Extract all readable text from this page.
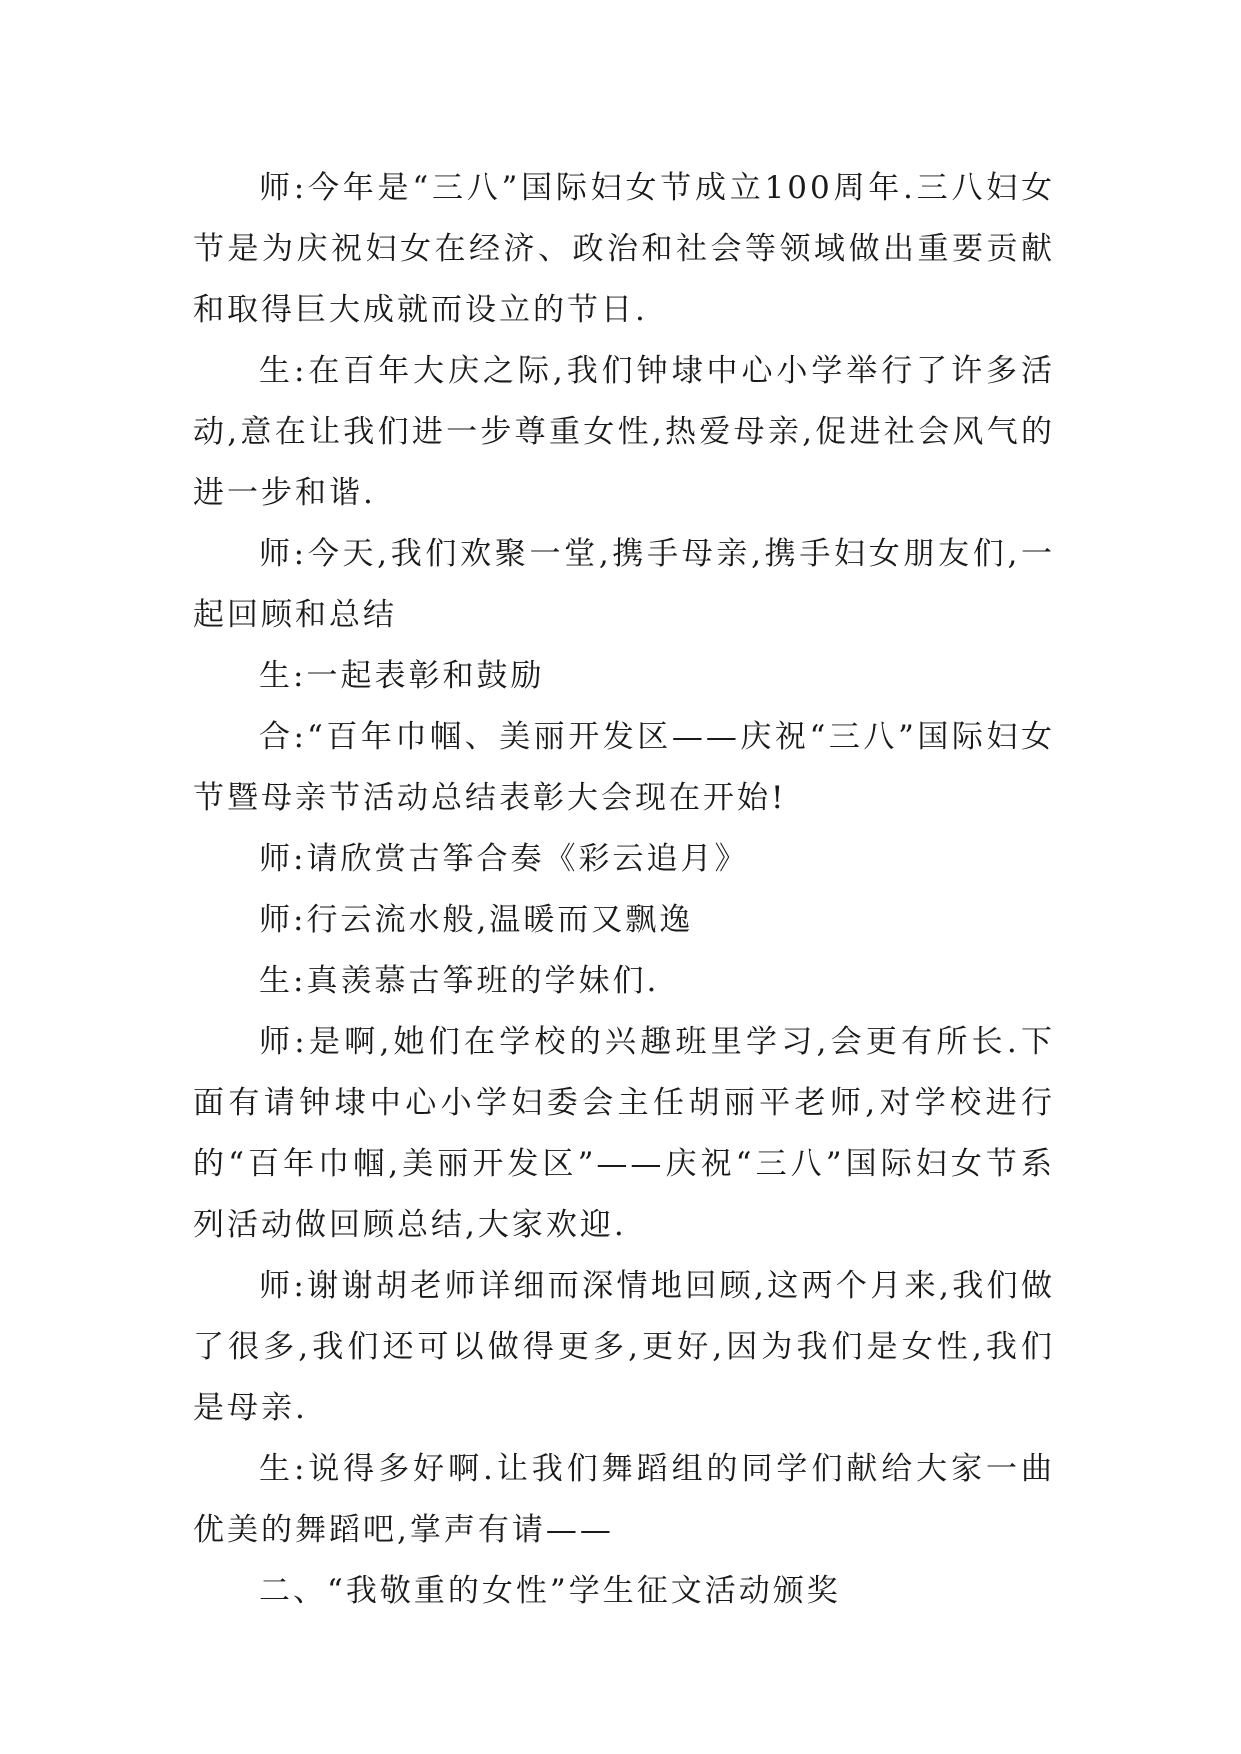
师:今年是“三八”国际妇女节成立100周年.三八妇女节是为庆祝妇女在经济、政治和社会等领域做出重要贡献和取得巨大成就而设立的节日.

生:在百年大庆之际,我们钟埭中心小学举行了许多活动,意在让我们进一步尊重女性,热爱母亲,促进社会风气的进一步和谐.

师:今天,我们欢聚一堂,携手母亲,携手妇女朋友们,一起回顾和总结

生:一起表彰和鼓励

合:“百年巾帼、美丽开发区——庆祝“三八”国际妇女节暨母亲节活动总结表彰大会现在开始!

师:请欣赏古筝合奏《彩云追月》

师:行云流水般,温暖而又飘逸

生:真羡慕古筝班的学妹们.

师:是啊,她们在学校的兴趣班里学习,会更有所长.下面有请钟埭中心小学妇委会主任胡丽平老师,对学校进行的“百年巾帼,美丽开发区”——庆祝“三八”国际妇女节系列活动做回顾总结,大家欢迎.

师:谢谢胡老师详细而深情地回顾,这两个月来,我们做了很多,我们还可以做得更多,更好,因为我们是女性,我们是母亲.

生:说得多好啊.让我们舞蹈组的同学们献给大家一曲优美的舞蹈吧,掌声有请——

二、“我敬重的女性”学生征文活动颁奖
